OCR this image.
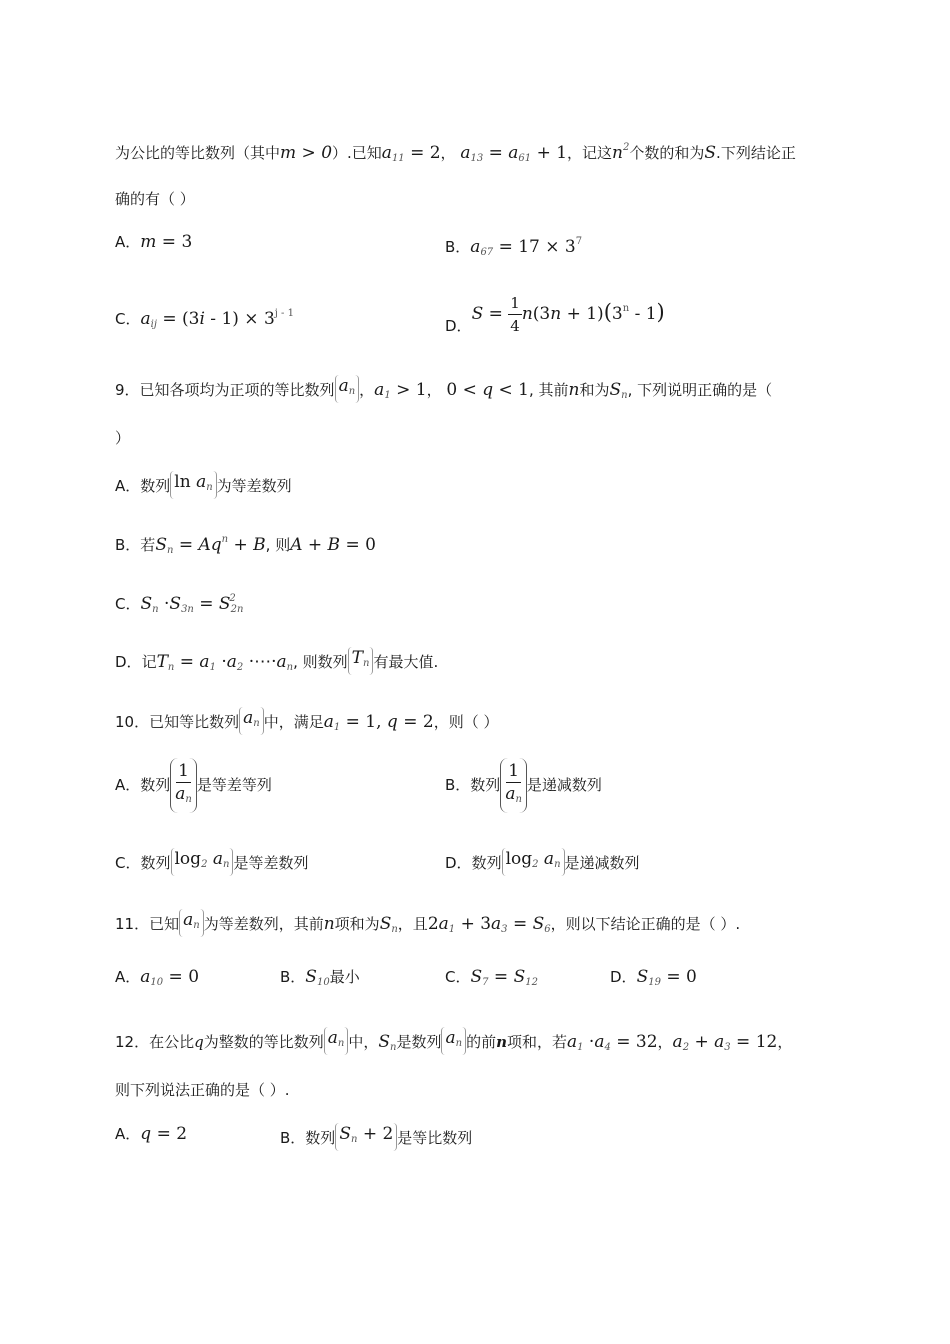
为公比的等比数列（其中m > 0）.已知$a_{11} = 2$， $a_{13} = a_{61} + 1$，记这$n^2$个数的和为S.下列结论正
确的有（ ）
A．m = 3	B．$a_{67} = 17 \times 3^7$
C．$a_{ij} = (3i - 1) \times 3^{j - 1}$
D．$S = \frac{1}{4} n(3n + 1)(3^n - 1)$
9．已知各项均为正项的等比数列 $a_n$ ，$a_1 > 1$， 0 < q < 1, 其前n和为$S_n$, 下列说明正确的是（
）
A．数列 $\ln a_n$ 为等差数列
B．若$S_n = Aq^n + B$, 则A + B = 0
C．$S_n \cdot S_{3n} = S_{2n}^2$
D．记$T_n = a_1 \cdot a_2$ $\cdot\cdots\cdot a_n$, 则数列 $T_n$ 有最大值.
10．已知等比数列 $a_n$ 中，满足$a_1 = 1$, q = 2，则（ ）
A．数列 $\frac{1}{a_n}$ 是等差等列	B．数列 $\frac{1}{a_n}$ 是递减数列
C．数列 $\log_2 a_n$ 是等差数列	D．数列 $\log_2 a_n$ 是递减数列
11．已知 $a_n$ 为等差数列，其前n项和为$S_n$，且$2a_1 + 3a_3 = S_6$，则以下结论正确的是（ ）.
A．$a_{10} = 0$	B．$S_{10}$最小	C．$S_7 = S_{12}$	D．$S_{19} = 0$
12．在公比q为整数的等比数列 $a_n$ 中，$S_n$是数列 $a_n$ 的前n项和，若$a_1 \cdot a_4 = 32$，$a_2 + a_3 = 12$，
则下列说法正确的是（ ）.
A．q = 2	B．数列 $S_n + 2$ 是等比数列
